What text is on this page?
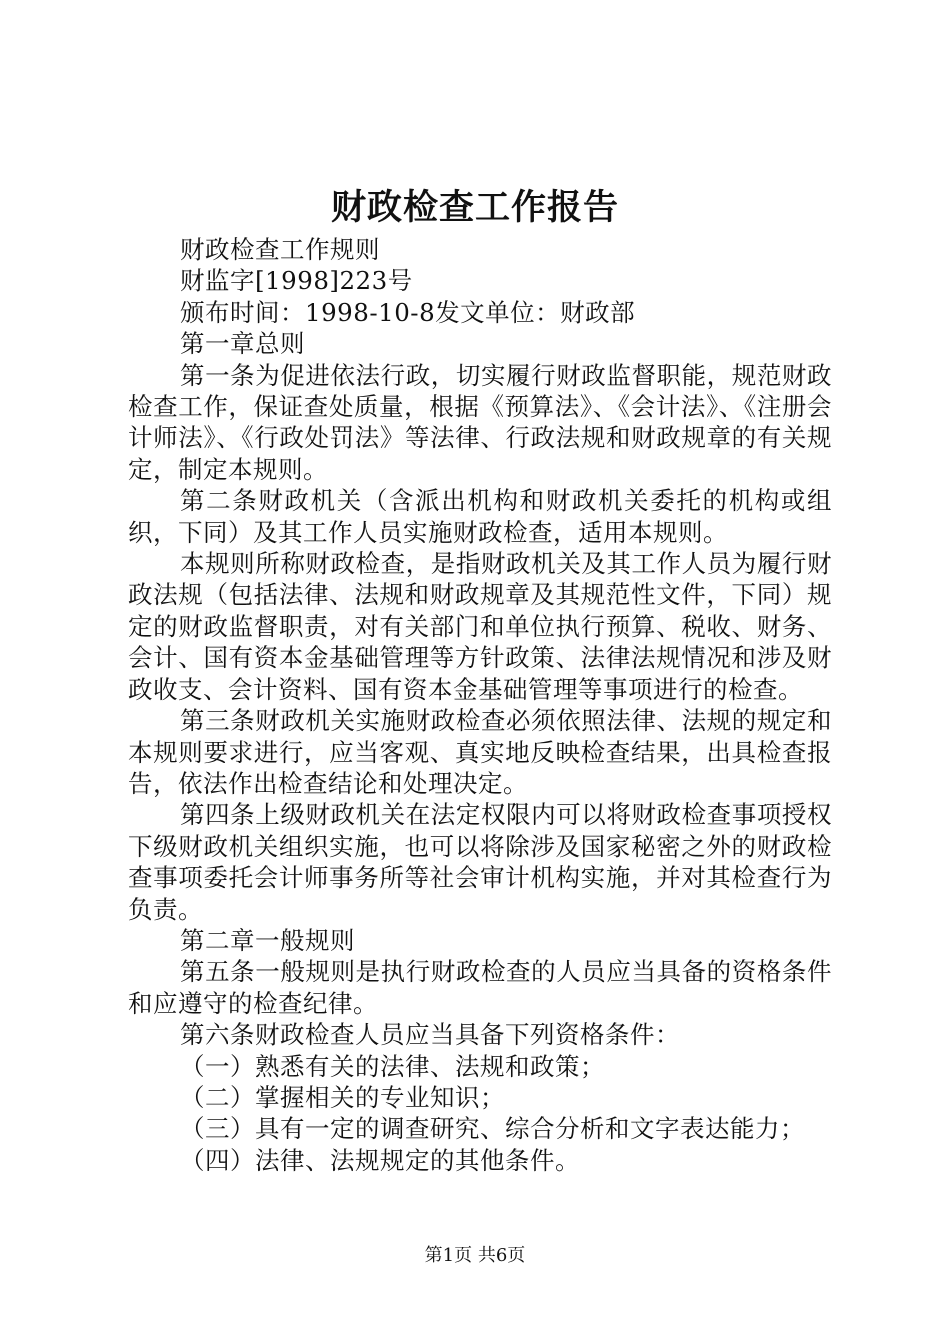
财政检查工作报告

财政检查工作规则

财监字[1998]223号

颁布时间：1998-10-8发文单位：财政部

第一章总则

第一条为促进依法行政，切实履行财政监督职能，规范财政检查工作，保证查处质量，根据《预算法》、《会计法》、《注册会计师法》、《行政处罚法》等法律、行政法规和财政规章的有关规定，制定本规则。

第二条财政机关（含派出机构和财政机关委托的机构或组织，下同）及其工作人员实施财政检查，适用本规则。

本规则所称财政检查，是指财政机关及其工作人员为履行财政法规（包括法律、法规和财政规章及其规范性文件，下同）规定的财政监督职责，对有关部门和单位执行预算、税收、财务、会计、国有资本金基础管理等方针政策、法律法规情况和涉及财政收支、会计资料、国有资本金基础管理等事项进行的检查。

第三条财政机关实施财政检查必须依照法律、法规的规定和本规则要求进行，应当客观、真实地反映检查结果，出具检查报告，依法作出检查结论和处理决定。

第四条上级财政机关在法定权限内可以将财政检查事项授权下级财政机关组织实施，也可以将除涉及国家秘密之外的财政检查事项委托会计师事务所等社会审计机构实施，并对其检查行为负责。

第二章一般规则

第五条一般规则是执行财政检查的人员应当具备的资格条件和应遵守的检查纪律。

第六条财政检查人员应当具备下列资格条件：

（一）熟悉有关的法律、法规和政策；

（二）掌握相关的专业知识；

（三）具有一定的调查研究、综合分析和文字表达能力；

（四）法律、法规规定的其他条件。

第1页 共6页
